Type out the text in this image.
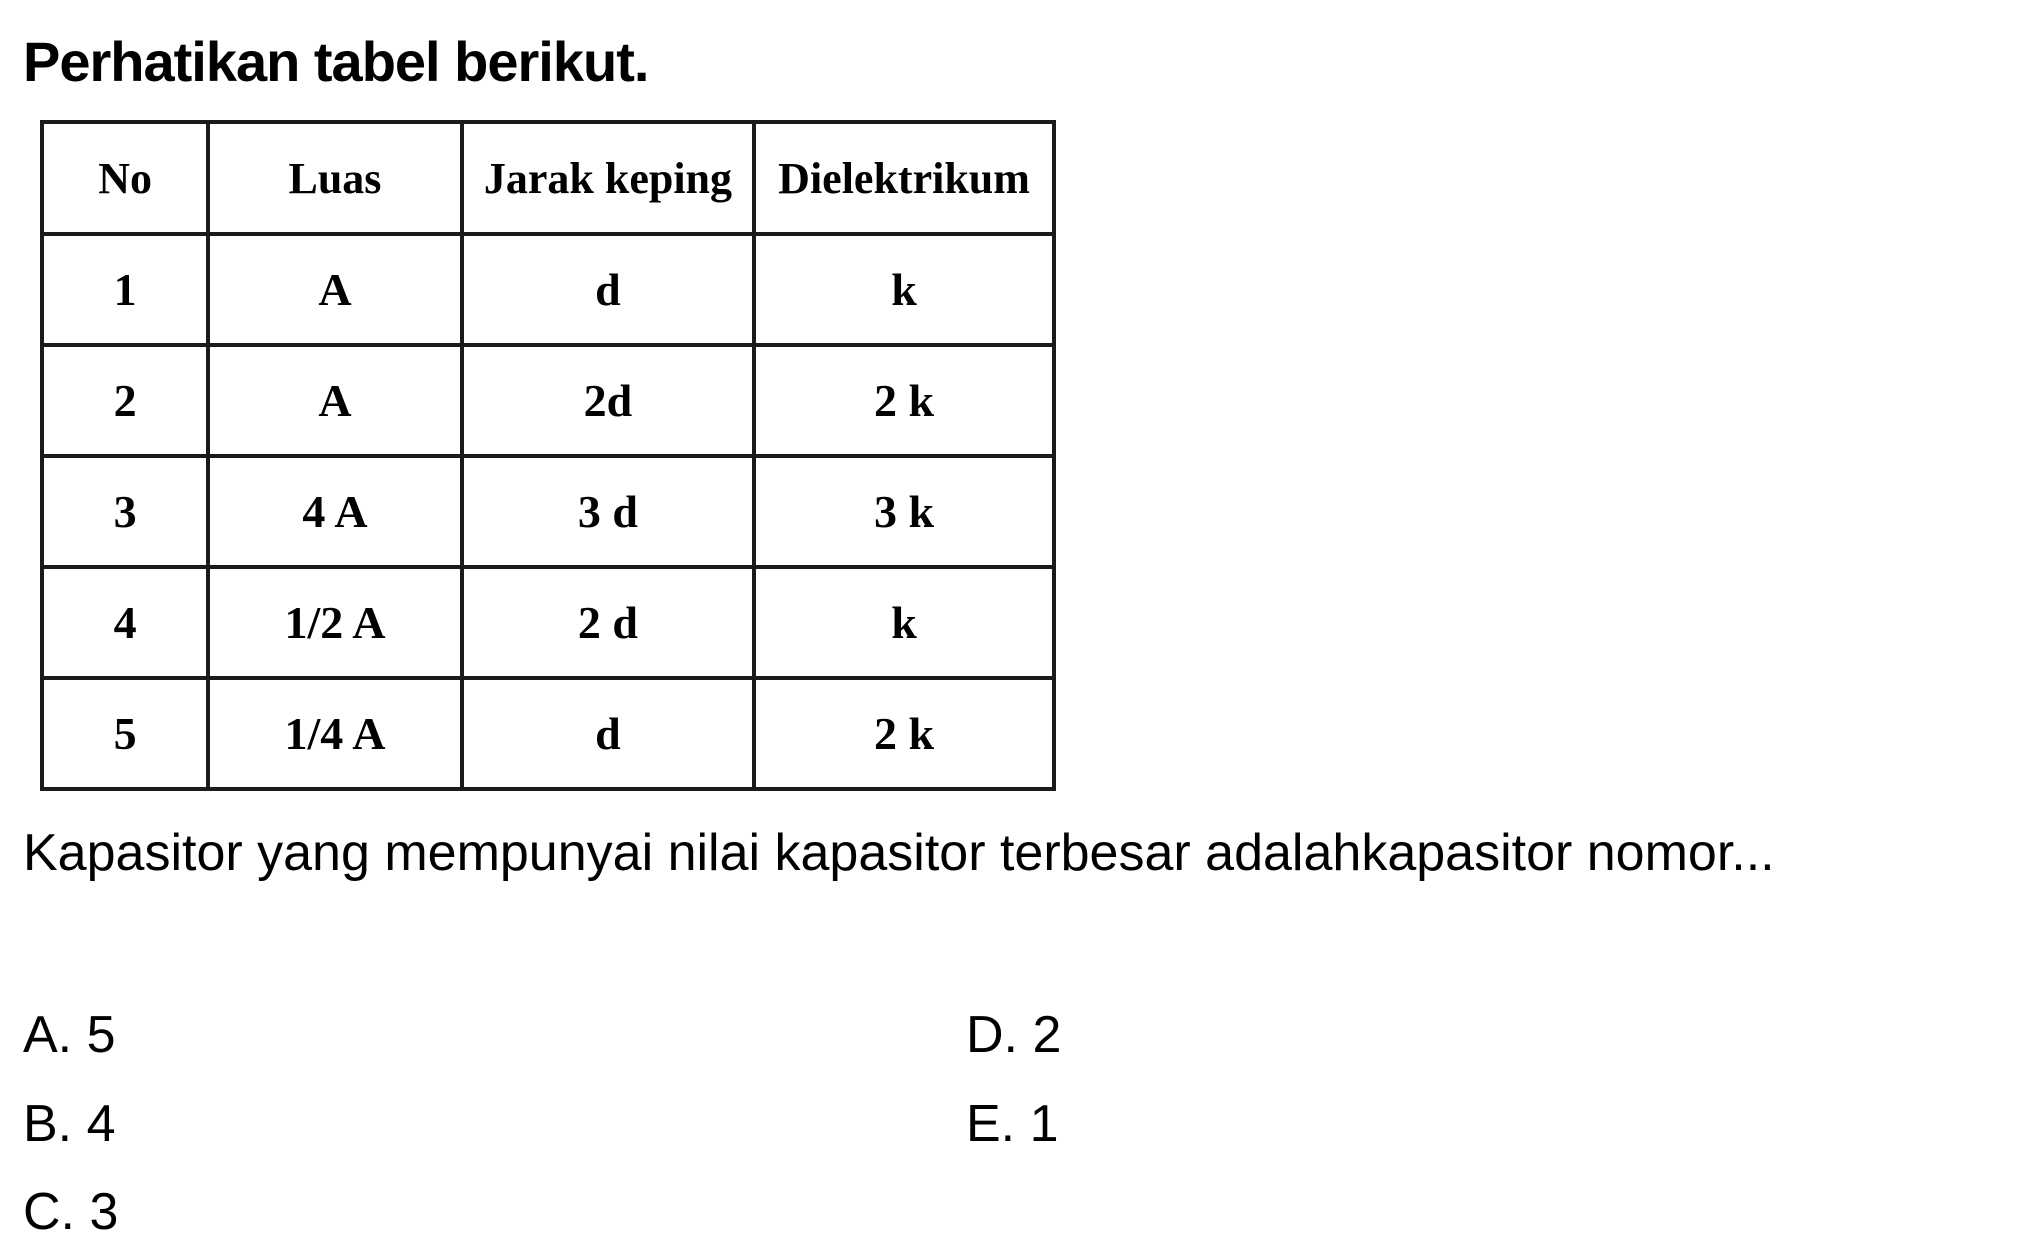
Perhatikan tabel berikut.

No	Luas	Jarak keping	Dielektrikum
1	A	d	k
2	A	2d	2 k
3	4 A	3 d	3 k
4	1/2 A	2 d	k
5	1/4 A	d	2 k

Kapasitor yang mempunyai nilai kapasitor terbesar adalahkapasitor nomor...

A. 5

B. 4

C. 3

D. 2

E. 1
